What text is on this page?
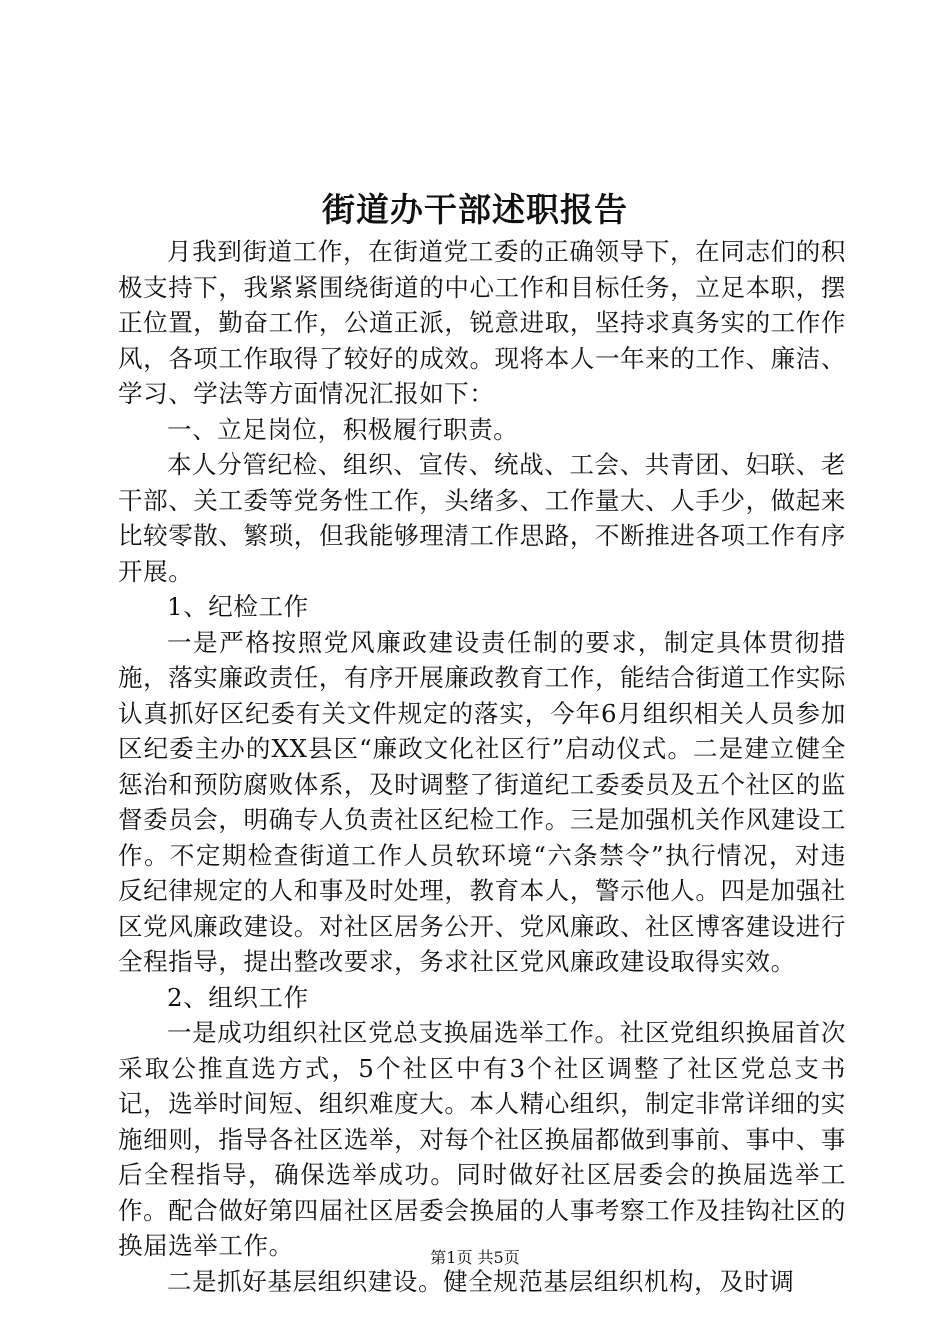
街道办干部述职报告

月我到街道工作，在街道党工委的正确领导下，在同志们的积极支持下，我紧紧围绕街道的中心工作和目标任务，立足本职，摆正位置，勤奋工作，公道正派，锐意进取，坚持求真务实的工作作风，各项工作取得了较好的成效。现将本人一年来的工作、廉洁、学习、学法等方面情况汇报如下：

一、立足岗位，积极履行职责。

本人分管纪检、组织、宣传、统战、工会、共青团、妇联、老干部、关工委等党务性工作，头绪多、工作量大、人手少，做起来比较零散、繁琐，但我能够理清工作思路，不断推进各项工作有序开展。

1、纪检工作

一是严格按照党风廉政建设责任制的要求，制定具体贯彻措施，落实廉政责任，有序开展廉政教育工作，能结合街道工作实际认真抓好区纪委有关文件规定的落实，今年6月组织相关人员参加区纪委主办的XX县区“廉政文化社区行”启动仪式。二是建立健全惩治和预防腐败体系，及时调整了街道纪工委委员及五个社区的监督委员会，明确专人负责社区纪检工作。三是加强机关作风建设工作。不定期检查街道工作人员软环境“六条禁令”执行情况，对违反纪律规定的人和事及时处理，教育本人，警示他人。四是加强社区党风廉政建设。对社区居务公开、党风廉政、社区博客建设进行全程指导，提出整改要求，务求社区党风廉政建设取得实效。

2、组织工作

一是成功组织社区党总支换届选举工作。社区党组织换届首次采取公推直选方式，5个社区中有3个社区调整了社区党总支书记，选举时间短、组织难度大。本人精心组织，制定非常详细的实施细则，指导各社区选举，对每个社区换届都做到事前、事中、事后全程指导，确保选举成功。同时做好社区居委会的换届选举工作。配合做好第四届社区居委会换届的人事考察工作及挂钩社区的换届选举工作。

二是抓好基层组织建设。健全规范基层组织机构，及时调

第1页 共5页
